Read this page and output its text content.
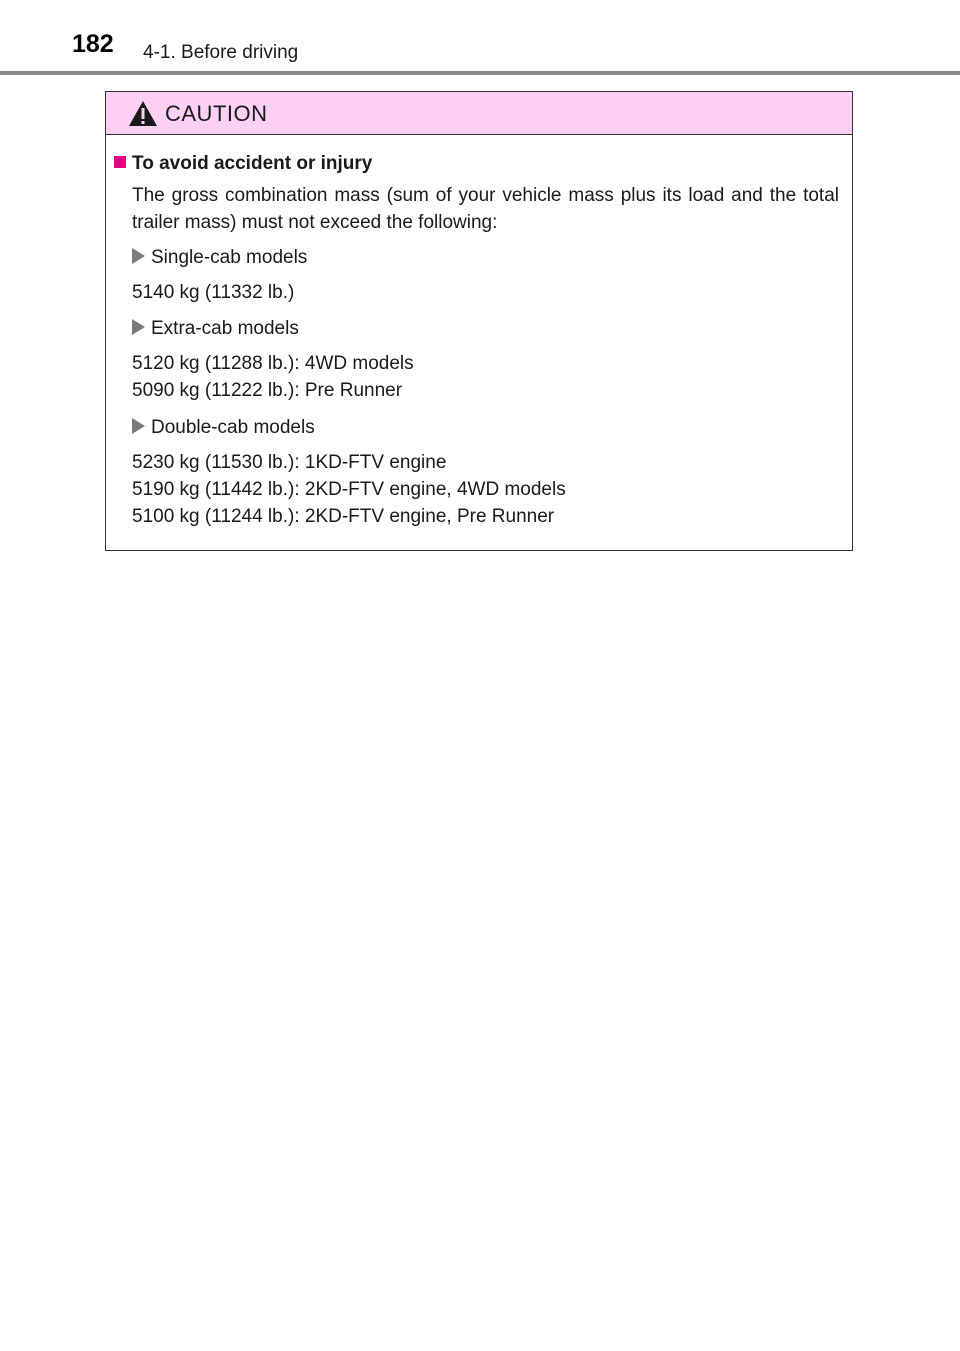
182 4-1. Before driving
CAUTION
To avoid accident or injury
The gross combination mass (sum of your vehicle mass plus its load and the total trailer mass) must not exceed the following:
Single-cab models
5140 kg (11332 lb.)
Extra-cab models
5120 kg (11288 lb.): 4WD models
5090 kg (11222 lb.): Pre Runner
Double-cab models
5230 kg (11530 lb.): 1KD-FTV engine
5190 kg (11442 lb.): 2KD-FTV engine, 4WD models
5100 kg (11244 lb.): 2KD-FTV engine, Pre Runner
